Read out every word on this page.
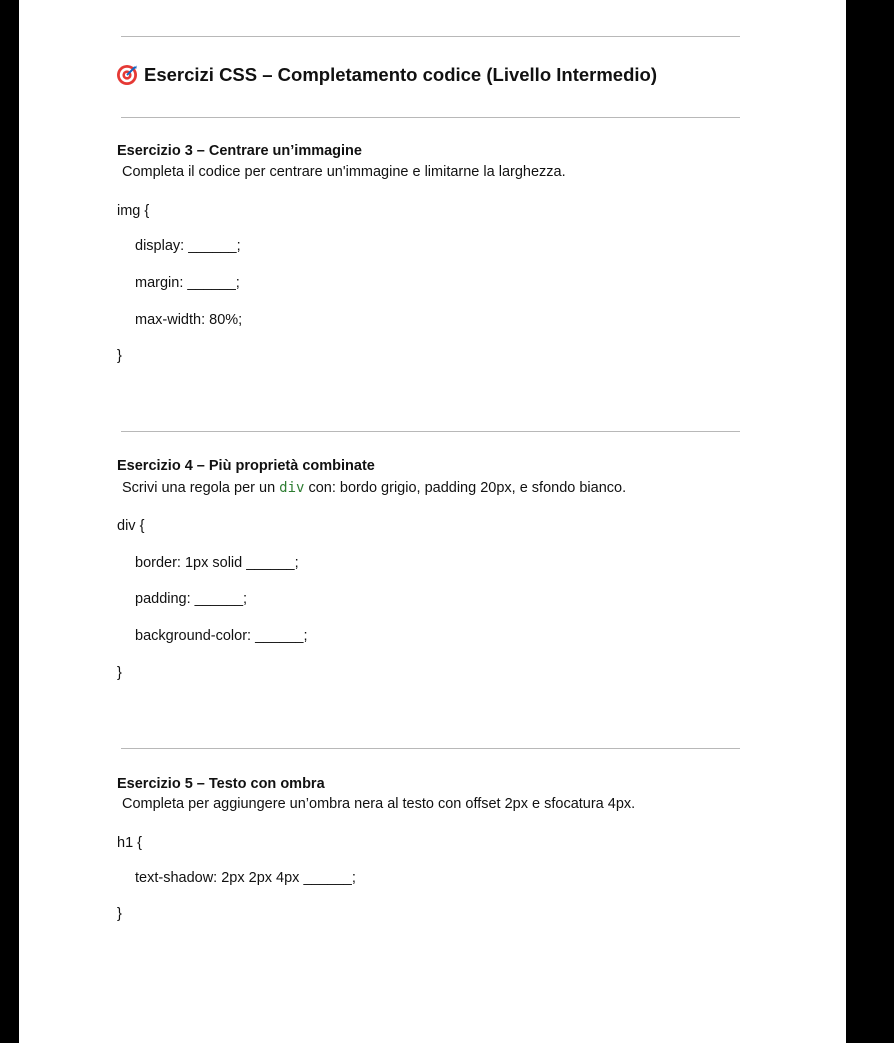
Esercizi CSS – Completamento codice (Livello Intermedio)
Esercizio 3 – Centrare un’immagine
Completa il codice per centrare un'immagine e limitarne la larghezza.
img {
display: ______;
margin: ______;
max-width: 80%;
}
Esercizio 4 – Più proprietà combinate
Scrivi una regola per un div con: bordo grigio, padding 20px, e sfondo bianco.
div {
border: 1px solid ______;
padding: ______;
background-color: ______;
}
Esercizio 5 – Testo con ombra
Completa per aggiungere un’ombra nera al testo con offset 2px e sfocatura 4px.
h1 {
text-shadow: 2px 2px 4px ______;
}
